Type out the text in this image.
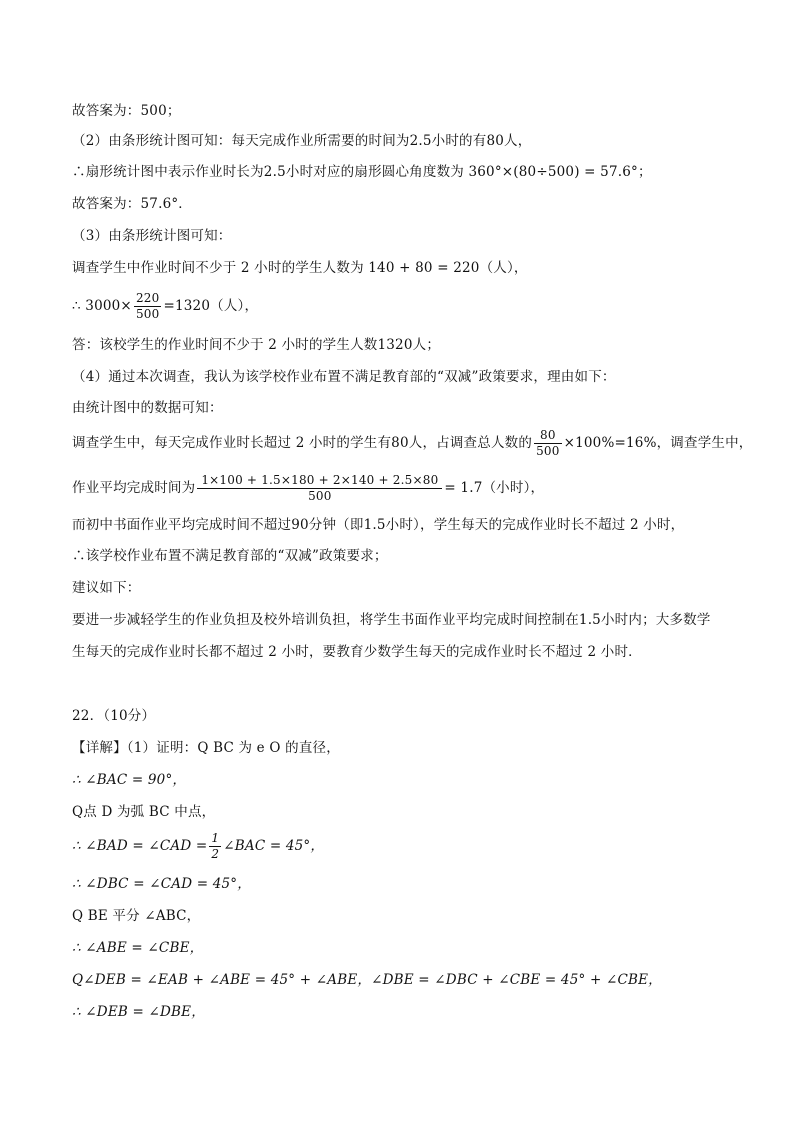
故答案为：500；
（2）由条形统计图可知：每天完成作业所需要的时间为2.5小时的有80人，
∴扇形统计图中表示作业时长为2.5小时对应的扇形圆心角度数为 360°×(80÷500) = 57.6°；
故答案为：57.6°．
（3）由条形统计图可知：
调查学生中作业时间不少于 2 小时的学生人数为 140 + 80 = 220（人），
∴ $3000\times \frac{220}{500} =1320$（人），
答：该校学生的作业时间不少于 2 小时的学生人数1320人；
（4）通过本次调查，我认为该学校作业布置不满足教育部的“双减”政策要求，理由如下：
由统计图中的数据可知：
调查学生中，每天完成作业时长超过 2 小时的学生有80人，占调查总人数的 $\frac{80}{500} \times 100\%=16\%$，调查学生中，
作业平均完成时间为 $\frac{1\times 100 + 1.5\times 180 + 2\times 140 + 2.5\times 80}{500} = 1.7$（小时），
而初中书面作业平均完成时间不超过90分钟（即1.5小时），学生每天的完成作业时长不超过 2 小时，
∴该学校作业布置不满足教育部的“双减”政策要求；
建议如下：
要进一步减轻学生的作业负担及校外培训负担，将学生书面作业平均完成时间控制在1.5小时内；大多数学
生每天的完成作业时长都不超过 2 小时，要教育少数学生每天的完成作业时长不超过 2 小时．
22．（10分）
【详解】（1）证明：Q BC 为 e O 的直径，
∴ ∠BAC = 90°，
Q点 D 为弧 BC 中点，
∴ ∠BAD = ∠CAD = $\frac{1}{2}$ ∠BAC = 45°，
∴ ∠DBC = ∠CAD = 45°，
Q BE 平分 ∠ABC，
∴ ∠ABE = ∠CBE，
Q∠DEB = ∠EAB + ∠ABE = 45° + ∠ABE，∠DBE = ∠DBC + ∠CBE = 45° + ∠CBE，
∴ ∠DEB = ∠DBE，
